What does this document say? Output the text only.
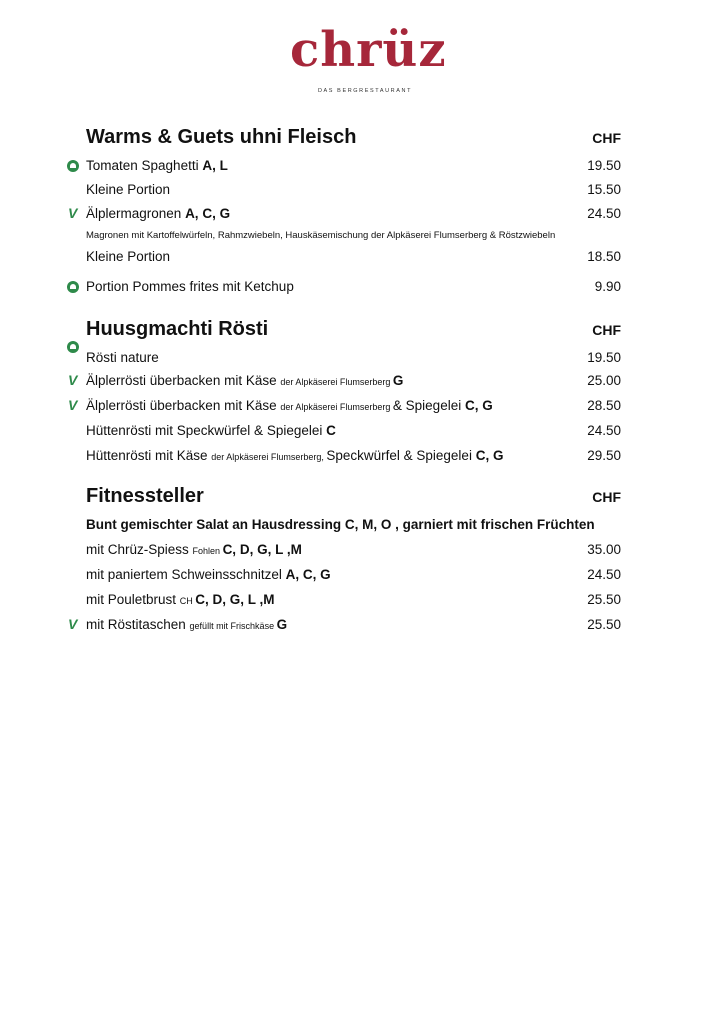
chrüz
DAS BERGRESTAURANT
Warms & Guets uhni Fleisch	CHF
Tomaten Spaghetti A, L	19.50
Kleine Portion	15.50
V Älplermagronen A, C, G	24.50
Magronen mit Kartoffelwürfeln, Rahmzwiebeln, Hauskäsemischung der Alpkäserei Flumserberg & Röstzwiebeln
Kleine Portion	18.50
Portion Pommes frites mit Ketchup	9.90
Huusgmachti Rösti	CHF
Rösti nature	19.50
V Älplerrösti überbacken mit Käse der Alpkäserei Flumserberg G	25.00
V Älplerrösti überbacken mit Käse der Alpkäserei Flumserberg & Spiegelei C, G	28.50
Hüttenrösti mit Speckwürfel & Spiegelei C	24.50
Hüttenrösti mit Käse der Alpkäserei Flumserberg, Speckwürfel & Spiegelei C, G	29.50
Fitnessteller	CHF
Bunt gemischter Salat an Hausdressing C, M, O , garniert mit frischen Früchten
mit Chrüz-Spiess Fohlen C, D, G, L ,M	35.00
mit paniertem Schweinsschnitzel A, C, G	24.50
mit Pouletbrust CH C, D, G, L ,M	25.50
V mit Röstitaschen gefüllt mit Frischkäse G	25.50
